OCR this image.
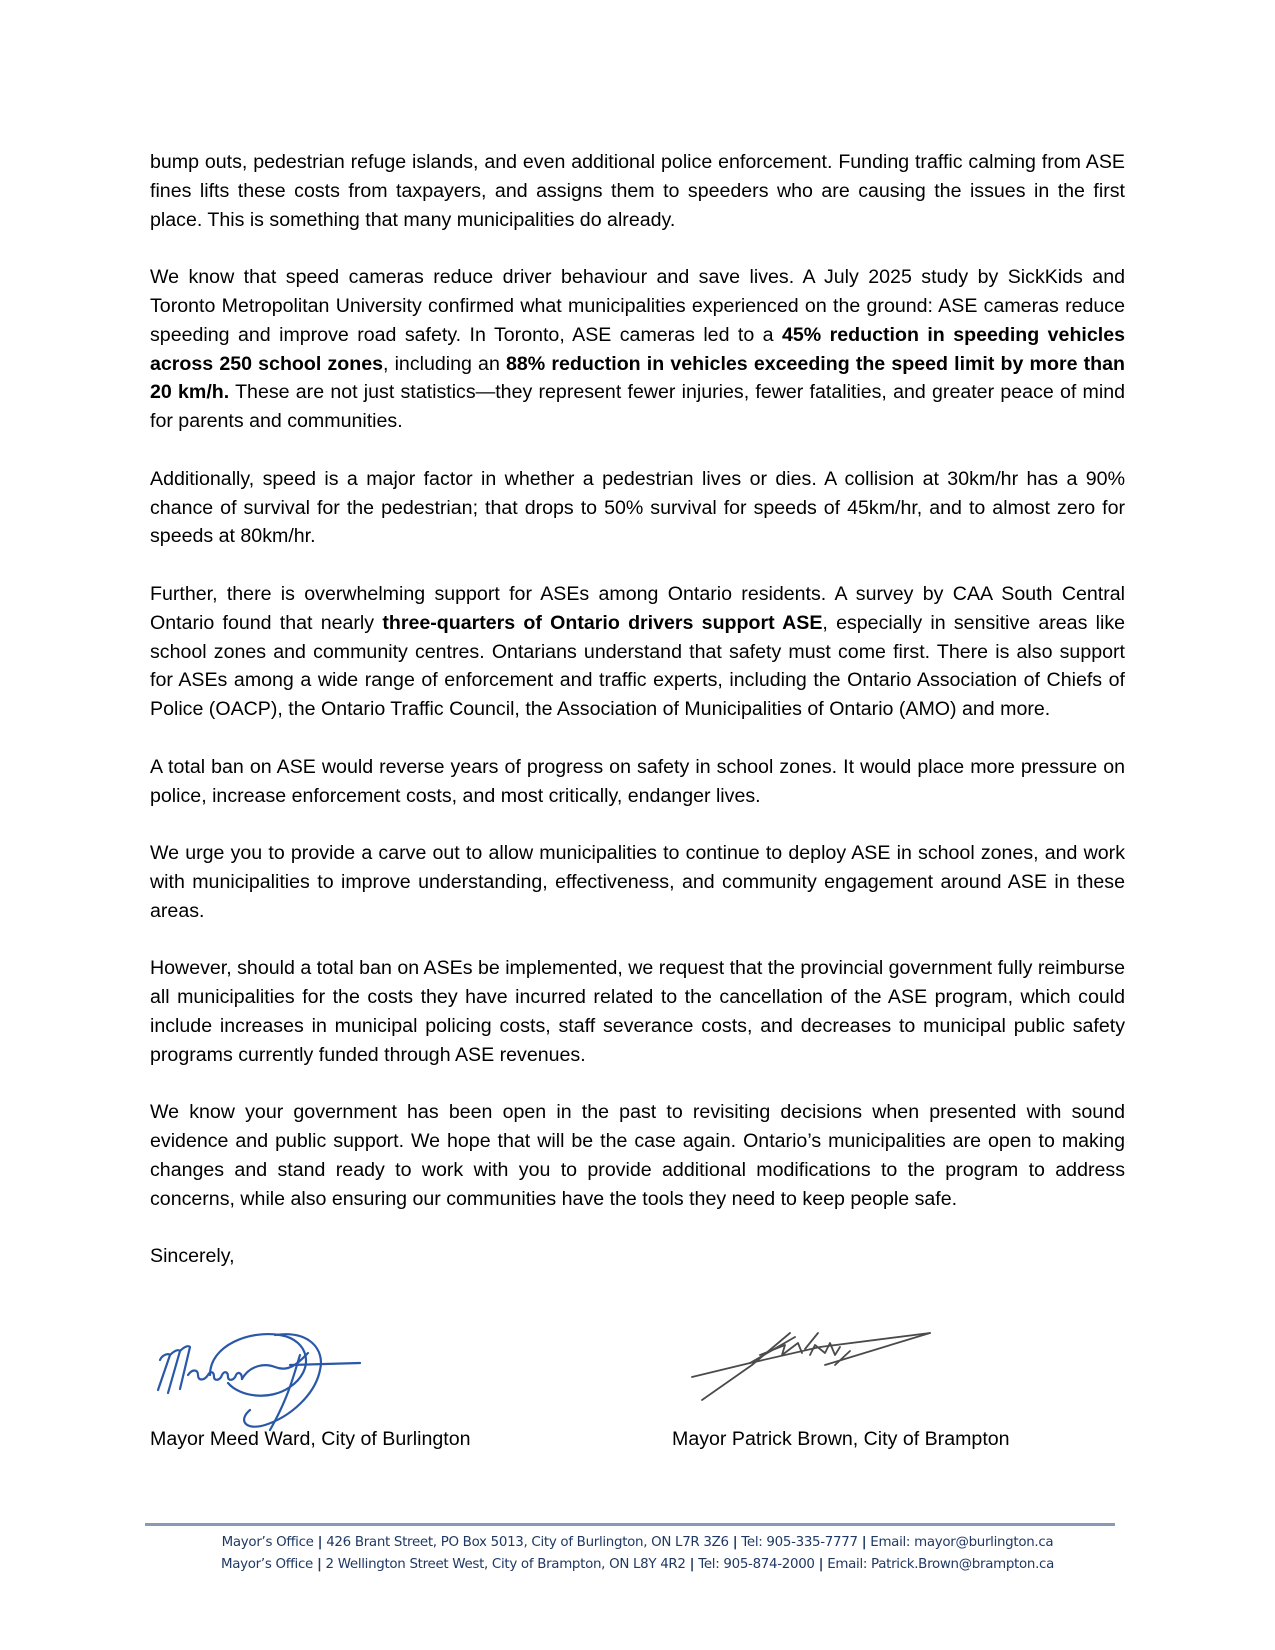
bump outs, pedestrian refuge islands, and even additional police enforcement. Funding traffic calming from ASE fines lifts these costs from taxpayers, and assigns them to speeders who are causing the issues in the first place. This is something that many municipalities do already.

We know that speed cameras reduce driver behaviour and save lives. A July 2025 study by SickKids and Toronto Metropolitan University confirmed what municipalities experienced on the ground: ASE cameras reduce speeding and improve road safety. In Toronto, ASE cameras led to a 45% reduction in speeding vehicles across 250 school zones, including an 88% reduction in vehicles exceeding the speed limit by more than 20 km/h. These are not just statistics—they represent fewer injuries, fewer fatalities, and greater peace of mind for parents and communities.

Additionally, speed is a major factor in whether a pedestrian lives or dies. A collision at 30km/hr has a 90% chance of survival for the pedestrian; that drops to 50% survival for speeds of 45km/hr, and to almost zero for speeds at 80km/hr.

Further, there is overwhelming support for ASEs among Ontario residents. A survey by CAA South Central Ontario found that nearly three-quarters of Ontario drivers support ASE, especially in sensitive areas like school zones and community centres. Ontarians understand that safety must come first. There is also support for ASEs among a wide range of enforcement and traffic experts, including the Ontario Association of Chiefs of Police (OACP), the Ontario Traffic Council, the Association of Municipalities of Ontario (AMO) and more.

A total ban on ASE would reverse years of progress on safety in school zones. It would place more pressure on police, increase enforcement costs, and most critically, endanger lives.

We urge you to provide a carve out to allow municipalities to continue to deploy ASE in school zones, and work with municipalities to improve understanding, effectiveness, and community engagement around ASE in these areas.

However, should a total ban on ASEs be implemented, we request that the provincial government fully reimburse all municipalities for the costs they have incurred related to the cancellation of the ASE program, which could include increases in municipal policing costs, staff severance costs, and decreases to municipal public safety programs currently funded through ASE revenues.

We know your government has been open in the past to revisiting decisions when presented with sound evidence and public support. We hope that will be the case again. Ontario’s municipalities are open to making changes and stand ready to work with you to provide additional modifications to the program to address concerns, while also ensuring our communities have the tools they need to keep people safe.

Sincerely,

Mayor Meed Ward, City of Burlington	Mayor Patrick Brown, City of Brampton
Mayor’s Office | 426 Brant Street, PO Box 5013, City of Burlington, ON L7R 3Z6 | Tel: 905-335-7777 | Email: mayor@burlington.ca
Mayor’s Office | 2 Wellington Street West, City of Brampton, ON L8Y 4R2 | Tel: 905-874-2000 | Email: Patrick.Brown@brampton.ca
